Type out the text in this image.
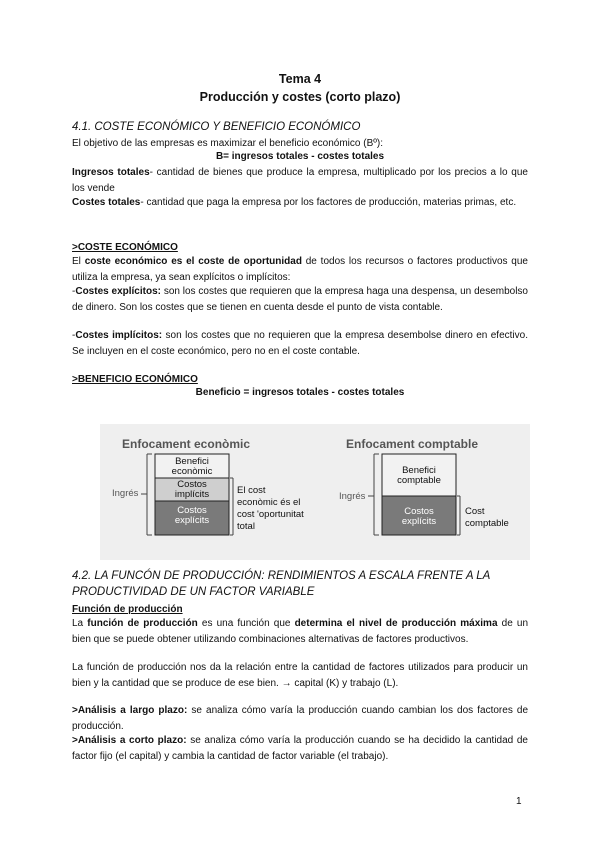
Tema 4
Producción y costes (corto plazo)
4.1. COSTE ECONÓMICO Y BENEFICIO ECONÓMICO
El objetivo de las empresas es maximizar el beneficio económico (Bº):
B= ingresos totales - costes totales
Ingresos totales- cantidad de bienes que produce la empresa, multiplicado por los precios a lo que los vende
Costes totales- cantidad que paga la empresa por los factores de producción, materias primas, etc.
>COSTE ECONÓMICO
El coste económico es el coste de oportunidad de todos los recursos o factores productivos que utiliza la empresa, ya sean explícitos o implícitos:
-Costes explícitos: son los costes que requieren que la empresa haga una despensa, un desembolso de dinero. Son los costes que se tienen en cuenta desde el punto de vista contable.
-Costes implícitos: son los costes que no requieren que la empresa desembolse dinero en efectivo. Se incluyen en el coste económico, pero no en el coste contable.
>BENEFICIO ECONÓMICO
Beneficio = ingresos totales - costes totales
Enfocament econòmic	Enfocament comptable
Benefici econòmic
Costos implícits
Costos explícits
Ingrés	El cost econòmic és el cost 'oportunitat total
Benefici comptable
Costos explícits
Ingrés
Cost comptable
4.2. LA FUNCÓN DE PRODUCCIÓN: RENDIMIENTOS A ESCALA FRENTE A LA
PRODUCTIVIDAD DE UN FACTOR VARIABLE
Función de producción
La función de producción es una función que determina el nivel de producción máxima de un bien que se puede obtener utilizando combinaciones alternativas de factores productivos.
La función de producción nos da la relación entre la cantidad de factores utilizados para producir un bien y la cantidad que se produce de ese bien. → capital (K) y trabajo (L).
>Análisis a largo plazo: se analiza cómo varía la producción cuando cambian los dos factores de producción.
>Análisis a corto plazo: se analiza cómo varía la producción cuando se ha decidido la cantidad de factor fijo (el capital) y cambia la cantidad de factor variable (el trabajo).
1
